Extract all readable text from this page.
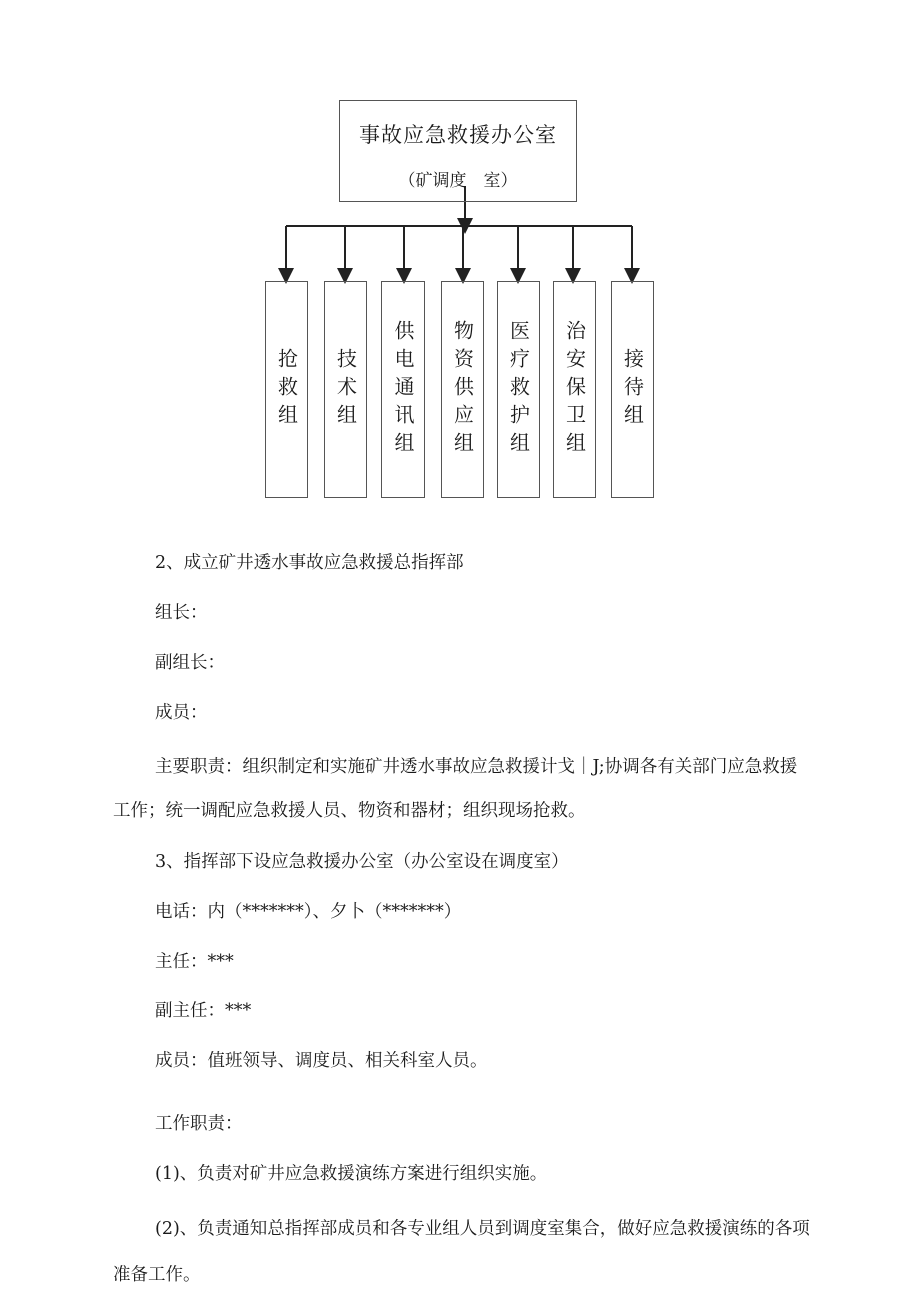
事故应急救援办公室
（矿调度　室）
抢救组 技术组 供电通讯组 物资供应组 医疗救护组 治安保卫组 接待组

2、成立矿井透水事故应急救援总指挥部

组长：

副组长：

成员：

主要职责：组织制定和实施矿井透水事故应急救援计戈｜J;协调各有关部门应急救援工作；统一调配应急救援人员、物资和器材；组织现场抢救。

3、指挥部下设应急救援办公室（办公室设在调度室）

电话：内（*******）、夕卜（*******）

主任：***

副主任：***

成员：值班领导、调度员、相关科室人员。

工作职责：

(1)、负责对矿井应急救援演练方案进行组织实施。

(2)、负责通知总指挥部成员和各专业组人员到调度室集合，做好应急救援演练的各项准备工作。
